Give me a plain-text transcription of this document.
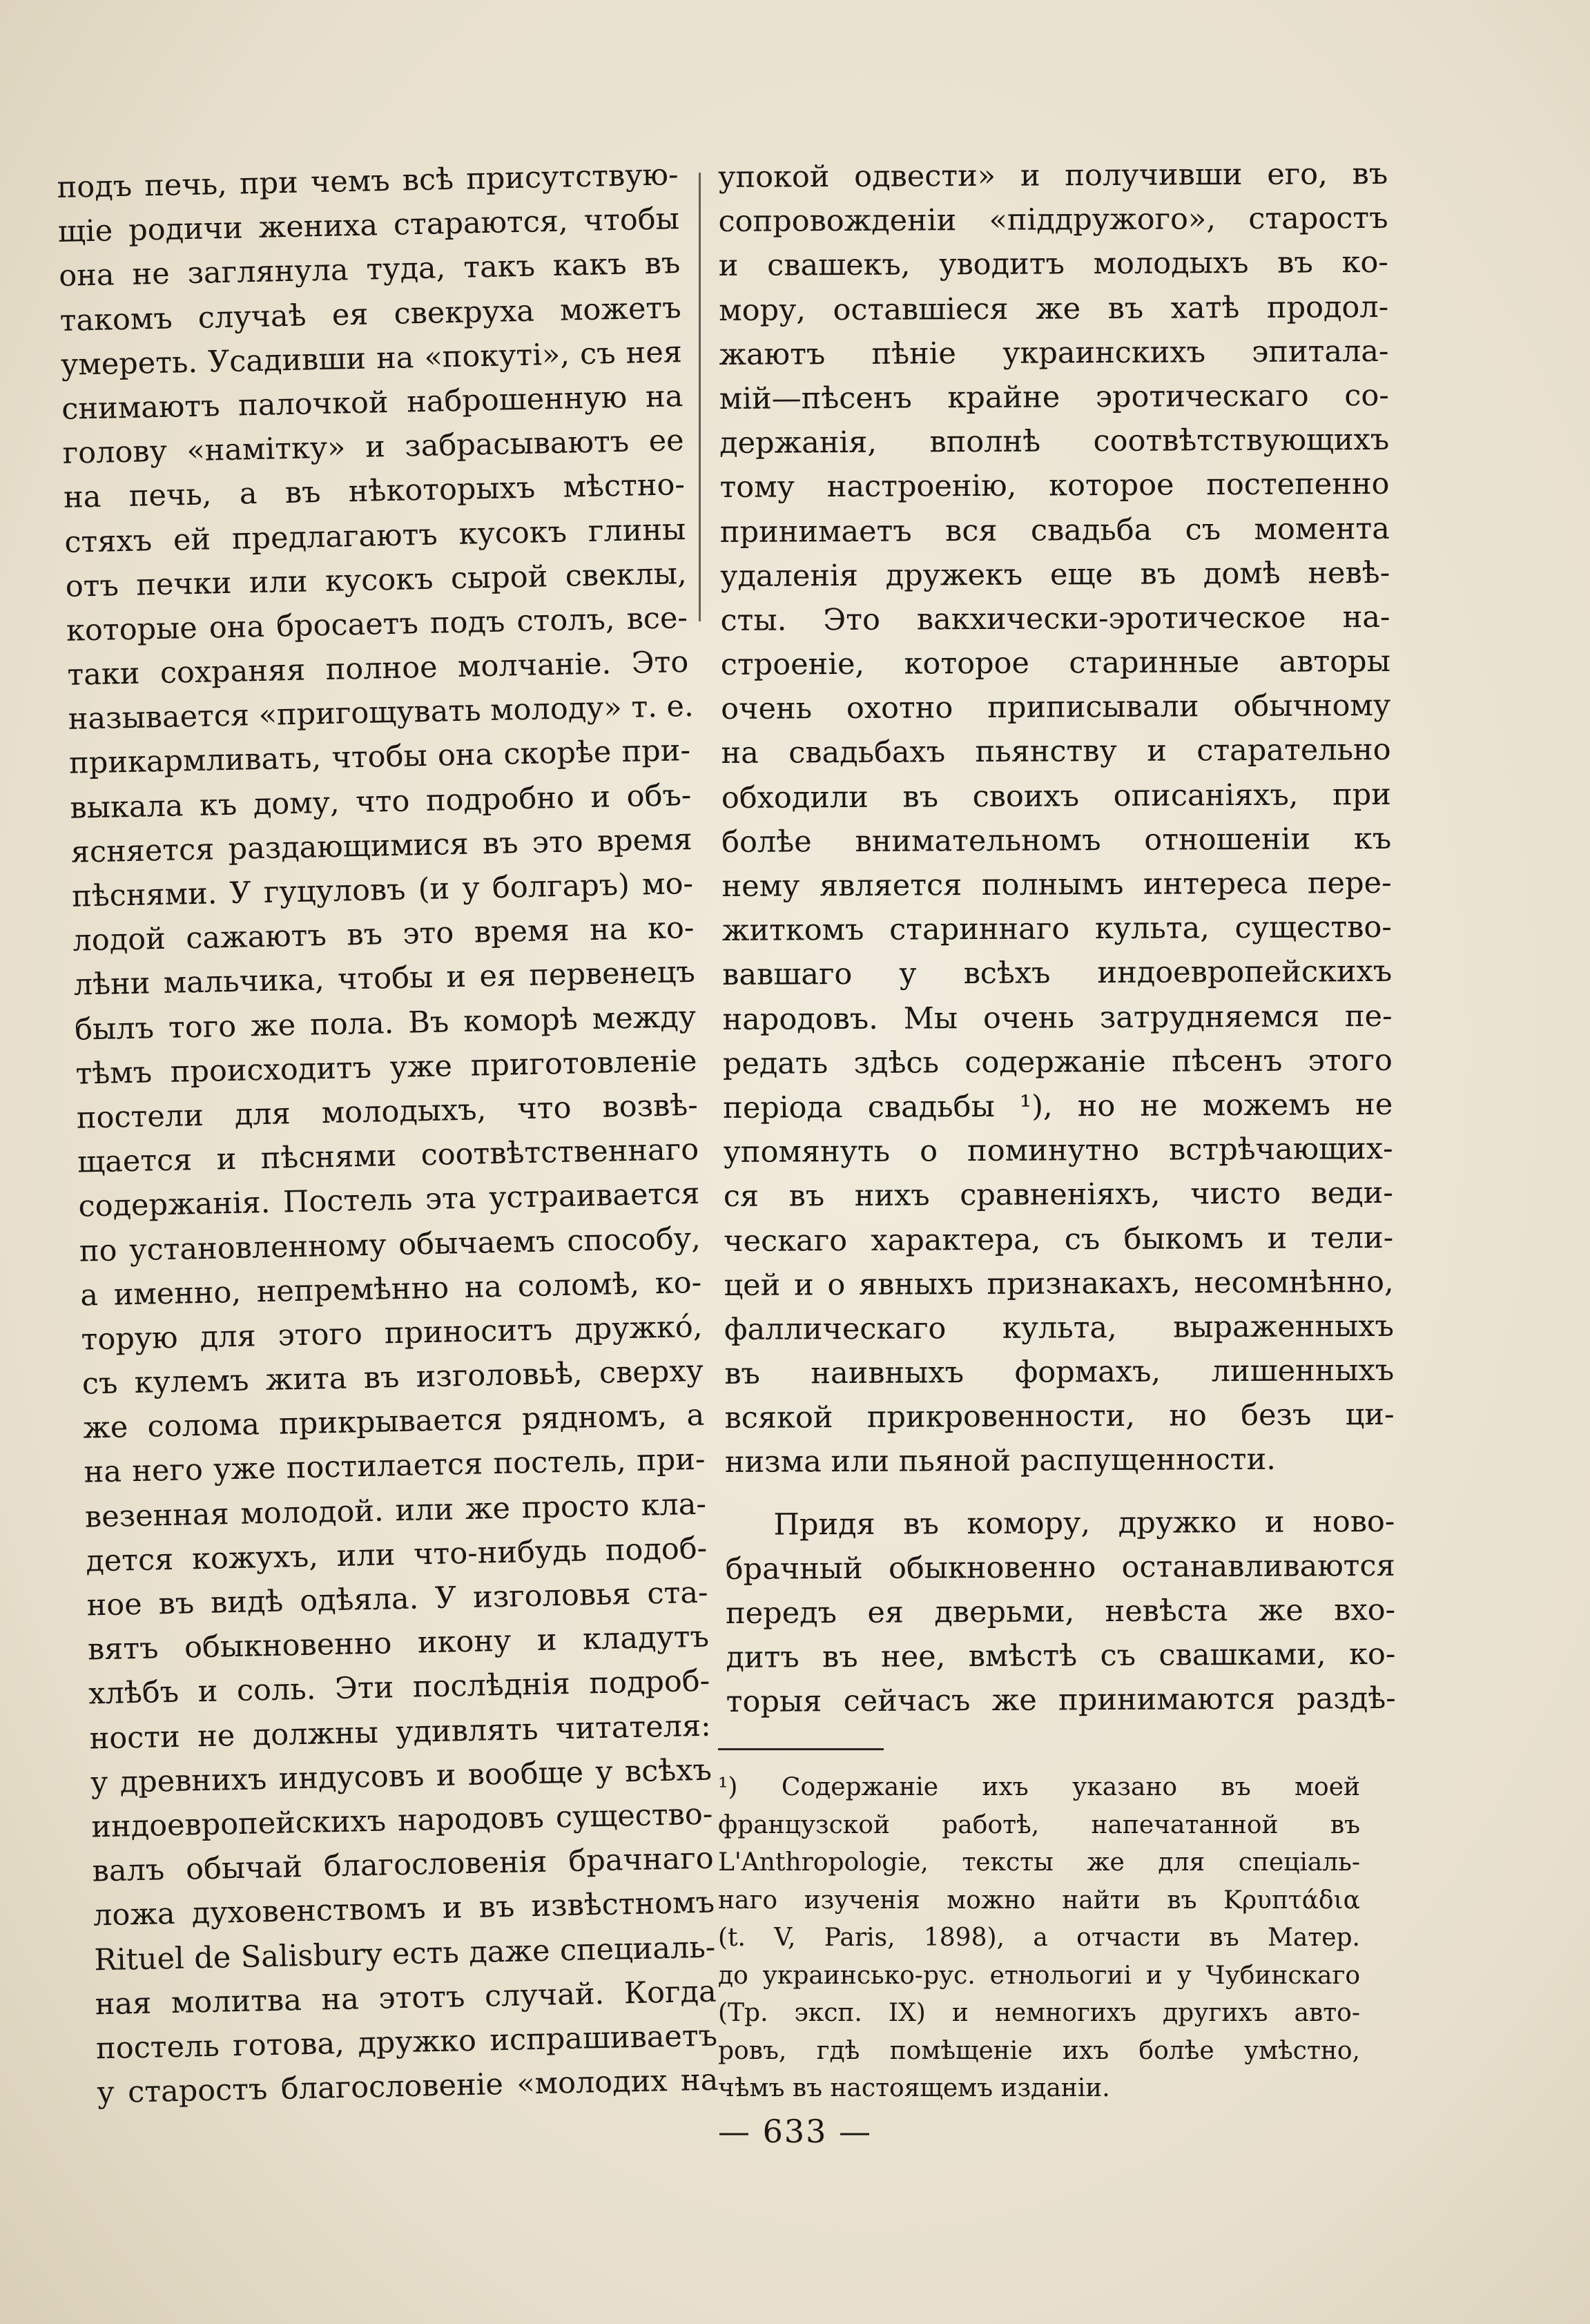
подъ печь, при чемъ всѣ присутствую-
щіе родичи жениха стараются, чтобы
она не заглянула туда, такъ какъ въ
такомъ случаѣ ея свекруха можетъ
умереть. Усадивши на «покуті», съ нея
снимаютъ палочкой наброшенную на
голову «намітку» и забрасываютъ ее
на печь, а въ нѣкоторыхъ мѣстно-
стяхъ ей предлагаютъ кусокъ глины
отъ печки или кусокъ сырой свеклы,
которые она бросаетъ подъ столъ, все-
таки сохраняя полное молчаніе. Это
называется «пригощувать молоду» т. е.
прикармливать, чтобы она скорѣе при-
выкала къ дому, что подробно и объ-
ясняется раздающимися въ это время
пѣснями. У гуцуловъ (и у болгаръ) мо-
лодой сажаютъ въ это время на ко-
лѣни мальчика, чтобы и ея первенецъ
былъ того же пола. Въ коморѣ между
тѣмъ происходитъ уже приготовленіе
постели для молодыхъ, что возвѣ-
щается и пѣснями соотвѣтственнаго
содержанія. Постель эта устраивается
по установленному обычаемъ способу,
а именно, непремѣнно на соломѣ, ко-
торую для этого приноситъ дружкó,
съ кулемъ жита въ изголовьѣ, сверху
же солома прикрывается рядномъ, а
на него уже постилается постель, при-
везенная молодой. или же просто кла-
дется кожухъ, или что-нибудь подоб-
ное въ видѣ одѣяла. У изголовья ста-
вятъ обыкновенно икону и кладутъ
хлѣбъ и соль. Эти послѣднія подроб-
ности не должны удивлять читателя:
у древнихъ индусовъ и вообще у всѣхъ
индоевропейскихъ народовъ существо-
валъ обычай благословенія брачнаго
ложа духовенствомъ и въ извѣстномъ
Rituel de Salisbury есть даже специаль-
ная молитва на этотъ случай. Когда
постель готова, дружко испрашиваетъ
у старостъ благословеніе «молодих на
упокой одвести» и получивши его, въ
сопровожденіи «піддружого», старостъ
и свашекъ, уводитъ молодыхъ въ ко-
мору, оставшіеся же въ хатѣ продол-
жаютъ пѣніе украинскихъ эпитала-
мій—пѣсенъ крайне эротическаго со-
держанія, вполнѣ соотвѣтствующихъ
тому настроенію, которое постепенно
принимаетъ вся свадьба съ момента
удаленія дружекъ еще въ домѣ невѣ-
сты. Это вакхически-эротическое на-
строеніе, которое старинные авторы
очень охотно приписывали обычному
на свадьбахъ пьянству и старательно
обходили въ своихъ описаніяхъ, при
болѣе внимательномъ отношеніи къ
нему является полнымъ интереса пере-
житкомъ стариннаго культа, существо-
вавшаго у всѣхъ индоевропейскихъ
народовъ. Мы очень затрудняемся пе-
редать здѣсь содержаніе пѣсенъ этого
періода свадьбы ¹), но не можемъ не
упомянуть о поминутно встрѣчающих-
ся въ нихъ сравненіяхъ, чисто веди-
ческаго характера, съ быкомъ и тели-
цей и о явныхъ признакахъ, несомнѣнно,
фаллическаго культа, выраженныхъ
въ наивныхъ формахъ, лишенныхъ
всякой прикровенности, но безъ ци-
низма или пьяной распущенности.
Придя въ комору, дружко и ново-
брачный обыкновенно останавливаются
передъ ея дверьми, невѣста же вхо-
дитъ въ нее, вмѣстѣ съ свашками, ко-
торыя сейчасъ же принимаются раздѣ-
¹) Содержаніе ихъ указано въ моей
французской работѣ, напечатанной въ
L'Anthropologie, тексты же для спеціаль-
наго изученія можно найти въ Κρυπτάδια
(t. V, Paris, 1898), а отчасти въ Матер.
до украинсько-рус. етнольогиі и у Чубинскаго
(Тр. эксп. IX) и немногихъ другихъ авто-
ровъ, гдѣ помѣщеніе ихъ болѣе умѣстно,
чѣмъ въ настоящемъ изданіи.
— 633 —
